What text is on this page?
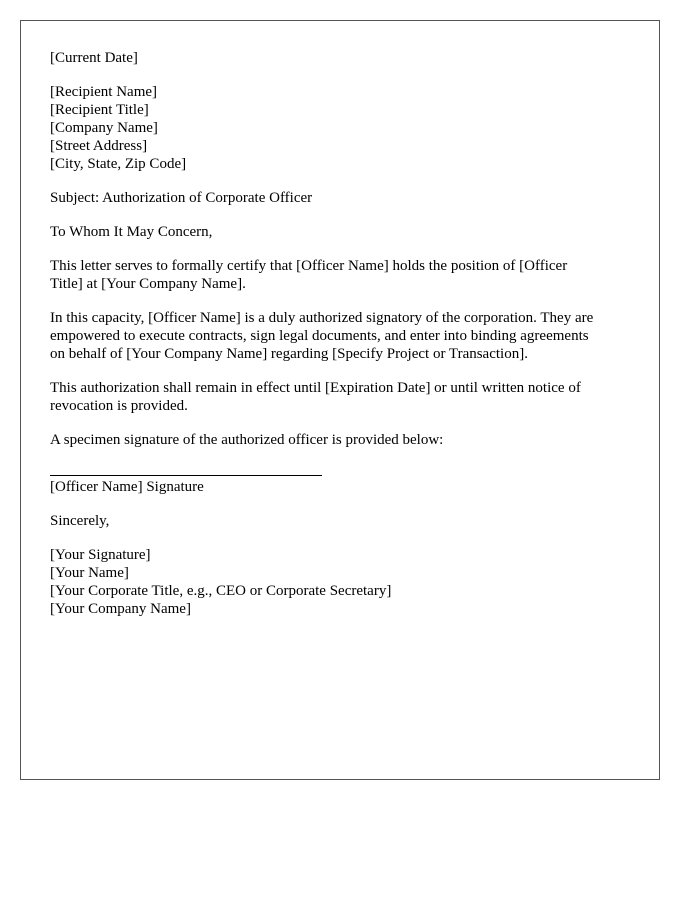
[Current Date]
[Recipient Name]
[Recipient Title]
[Company Name]
[Street Address]
[City, State, Zip Code]
Subject: Authorization of Corporate Officer
To Whom It May Concern,
This letter serves to formally certify that [Officer Name] holds the position of [Officer
Title] at [Your Company Name].
In this capacity, [Officer Name] is a duly authorized signatory of the corporation. They are
empowered to execute contracts, sign legal documents, and enter into binding agreements
on behalf of [Your Company Name] regarding [Specify Project or Transaction].
This authorization shall remain in effect until [Expiration Date] or until written notice of
revocation is provided.
A specimen signature of the authorized officer is provided below:
[Officer Name] Signature
Sincerely,
[Your Signature]
[Your Name]
[Your Corporate Title, e.g., CEO or Corporate Secretary]
[Your Company Name]
